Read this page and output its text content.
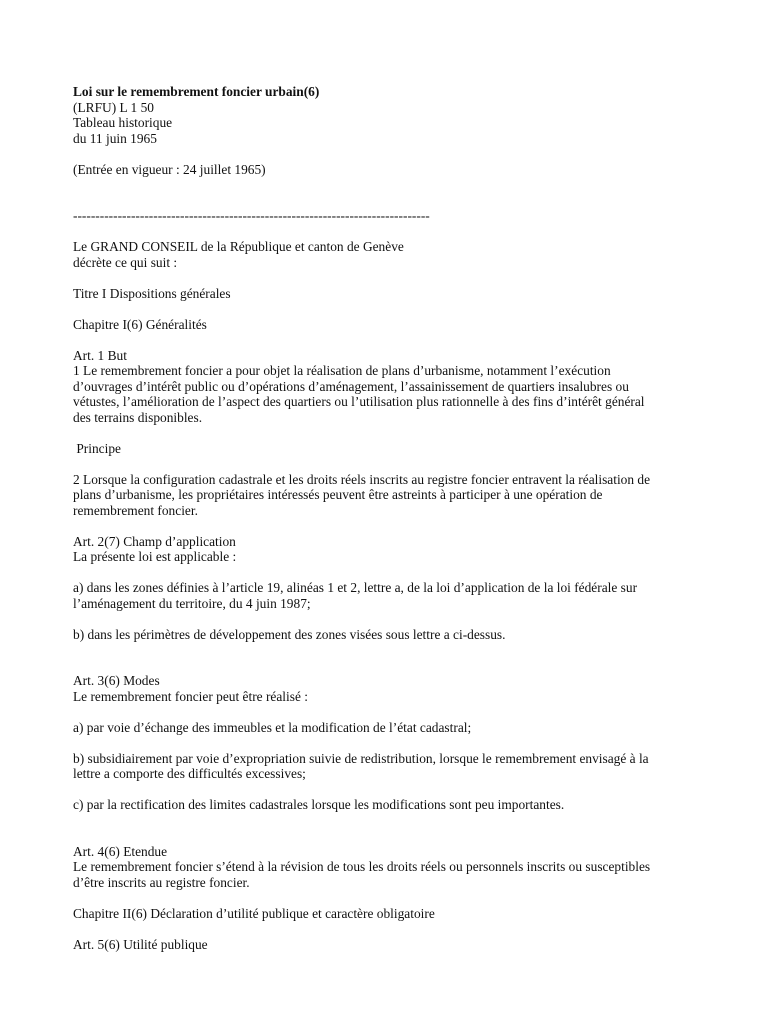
Loi sur le remembrement foncier urbain(6)
(LRFU) L 1 50
Tableau historique
du 11 juin 1965
(Entrée en vigueur : 24 juillet 1965)
--------------------------------------------------------------------------------
Le GRAND CONSEIL de la République et canton de Genève
décrète ce qui suit :
Titre I Dispositions générales
Chapitre I(6) Généralités
Art. 1 But
1 Le remembrement foncier a pour objet la réalisation de plans d’urbanisme, notamment l’exécution
d’ouvrages d’intérêt public ou d’opérations d’aménagement, l’assainissement de quartiers insalubres ou
vétustes, l’amélioration de l’aspect des quartiers ou l’utilisation plus rationnelle à des fins d’intérêt général
des terrains disponibles.
Principe
2 Lorsque la configuration cadastrale et les droits réels inscrits au registre foncier entravent la réalisation de
plans d’urbanisme, les propriétaires intéressés peuvent être astreints à participer à une opération de
remembrement foncier.
Art. 2(7) Champ d’application
La présente loi est applicable :
a) dans les zones définies à l’article 19, alinéas 1 et 2, lettre a, de la loi d’application de la loi fédérale sur
l’aménagement du territoire, du 4 juin 1987;
b) dans les périmètres de développement des zones visées sous lettre a ci-dessus.
Art. 3(6) Modes
Le remembrement foncier peut être réalisé :
a) par voie d’échange des immeubles et la modification de l’état cadastral;
b) subsidiairement par voie d’expropriation suivie de redistribution, lorsque le remembrement envisagé à la
lettre a comporte des difficultés excessives;
c) par la rectification des limites cadastrales lorsque les modifications sont peu importantes.
Art. 4(6) Etendue
Le remembrement foncier s’étend à la révision de tous les droits réels ou personnels inscrits ou susceptibles
d’être inscrits au registre foncier.
Chapitre II(6) Déclaration d’utilité publique et caractère obligatoire
Art. 5(6) Utilité publique
